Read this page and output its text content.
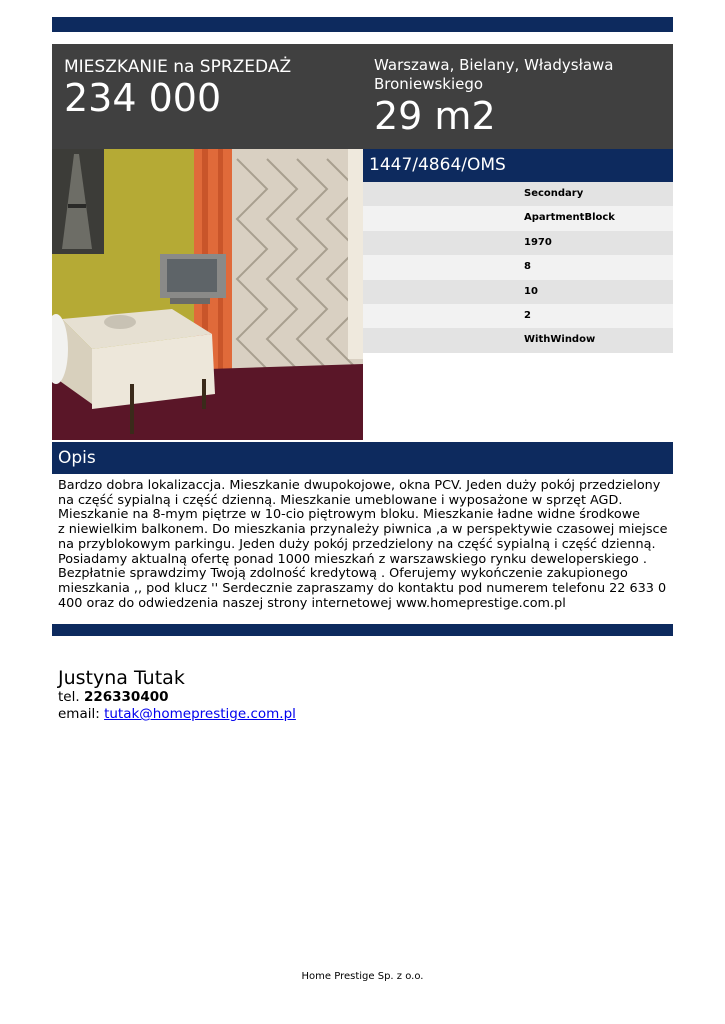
MIESZKANIE na SPRZEDAŻ
234 000
Warszawa, Bielany, Władysława Broniewskiego
29 m2
1447/4864/OMS
Secondary
ApartmentBlock
1970
8
10
2
WithWindow
Opis

Bardzo dobra lokalizaccja. Mieszkanie dwupokojowe, okna PCV. Jeden duży pokój przedzielony na część sypialną i część dzienną. Mieszkanie umeblowane i wyposażone w sprzęt AGD. Mieszkanie na 8-mym piętrze w 10-cio piętrowym bloku. Mieszkanie ładne widne środkowe
z niewielkim balkonem. Do mieszkania przynależy piwnica ,a w perspektywie czasowej miejsce na przyblokowym parkingu. Jeden duży pokój przedzielony na część sypialną i część dzienną.
Posiadamy aktualną ofertę ponad 1000 mieszkań z warszawskiego rynku deweloperskiego .
Bezpłatnie sprawdzimy Twoją zdolność kredytową . Oferujemy wykończenie zakupionego mieszkania ,, pod klucz '' Serdecznie zapraszamy do kontaktu pod numerem telefonu 22 633 0 400 oraz do odwiedzenia naszej strony internetowej www.homeprestige.com.pl

Justyna Tutak
tel. 226330400
email: tutak@homeprestige.com.pl
Home Prestige Sp. z o.o.
